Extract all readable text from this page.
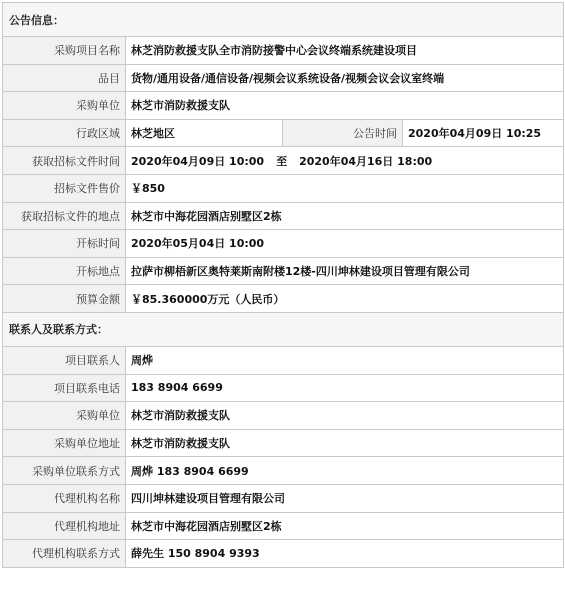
公告信息：			
采购项目名称	林芝消防救援支队全市消防接警中心会议终端系统建设项目		
品目	货物/通用设备/通信设备/视频会议系统设备/视频会议会议室终端		
采购单位	林芝市消防救援支队		
行政区域	林芝地区	公告时间	2020年04月09日 10:25
获取招标文件时间	2020年04月09日 10:00 至 2020年04月16日 18:00		
招标文件售价	￥850		
获取招标文件的地点	林芝市中海花园酒店别墅区2栋		
开标时间	2020年05月04日 10:00		
开标地点	拉萨市柳梧新区奥特莱斯南附楼12楼-四川坤林建设项目管理有限公司		
预算金额	￥85.360000万元（人民币）		
联系人及联系方式：			
项目联系人	周烨		
项目联系电话	183 8904 6699		
采购单位	林芝市消防救援支队		
采购单位地址	林芝市消防救援支队		
采购单位联系方式	周烨 183 8904 6699		
代理机构名称	四川坤林建设项目管理有限公司		
代理机构地址	林芝市中海花园酒店别墅区2栋		
代理机构联系方式	薛先生 150 8904 9393		
